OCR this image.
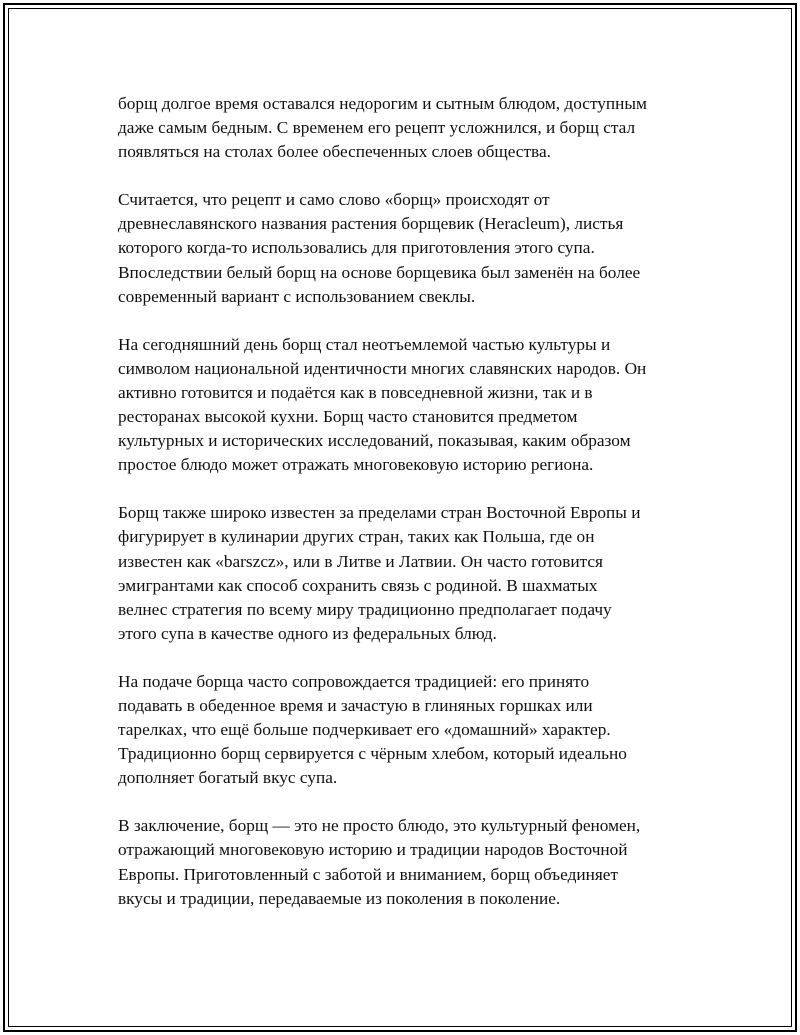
борщ долгое время оставался недорогим и сытным блюдом, доступным
даже самым бедным. С временем его рецепт усложнился, и борщ стал
появляться на столах более обеспеченных слоев общества.

Считается, что рецепт и само слово «борщ» происходят от
древнеславянского названия растения борщевик (Heracleum), листья
которого когда-то использовались для приготовления этого супа.
Впоследствии белый борщ на основе борщевика был заменён на более
современный вариант с использованием свеклы.

На сегодняшний день борщ стал неотъемлемой частью культуры и
символом национальной идентичности многих славянских народов. Он
активно готовится и подаётся как в повседневной жизни, так и в
ресторанах высокой кухни. Борщ часто становится предметом
культурных и исторических исследований, показывая, каким образом
простое блюдо может отражать многовековую историю региона.

Борщ также широко известен за пределами стран Восточной Европы и
фигурирует в кулинарии других стран, таких как Польша, где он
известен как «barszcz», или в Литве и Латвии. Он часто готовится
эмигрантами как способ сохранить связь с родиной. В шахматых
велнес стратегия по всему миру традиционно предполагает подачу
этого супа в качестве одного из федеральных блюд.

На подаче борща часто сопровождается традицией: его принято
подавать в обеденное время и зачастую в глиняных горшках или
тарелках, что ещё больше подчеркивает его «домашний» характер.
Традиционно борщ сервируется с чёрным хлебом, который идеально
дополняет богатый вкус супа.

В заключение, борщ — это не просто блюдо, это культурный феномен,
отражающий многовековую историю и традиции народов Восточной
Европы. Приготовленный с заботой и вниманием, борщ объединяет
вкусы и традиции, передаваемые из поколения в поколение.
